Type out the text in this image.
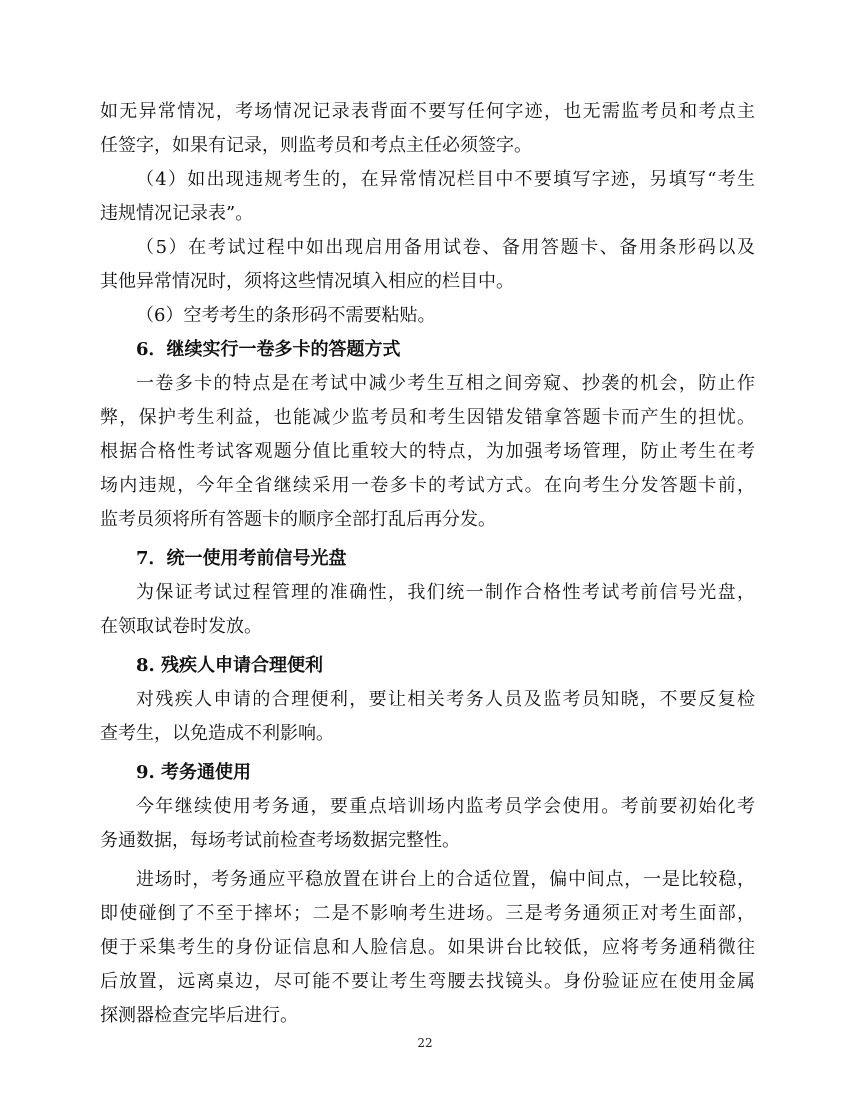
如无异常情况，考场情况记录表背面不要写任何字迹，也无需监考员和考点主
任签字，如果有记录，则监考员和考点主任必须签字。
（4）如出现违规考生的，在异常情况栏目中不要填写字迹，另填写“考生
违规情况记录表”。
（5）在考试过程中如出现启用备用试卷、备用答题卡、备用条形码以及
其他异常情况时，须将这些情况填入相应的栏目中。
（6）空考考生的条形码不需要粘贴。
6．继续实行一卷多卡的答题方式
一卷多卡的特点是在考试中减少考生互相之间旁窥、抄袭的机会，防止作
弊，保护考生利益，也能减少监考员和考生因错发错拿答题卡而产生的担忧。
根据合格性考试客观题分值比重较大的特点，为加强考场管理，防止考生在考
场内违规，今年全省继续采用一卷多卡的考试方式。在向考生分发答题卡前，
监考员须将所有答题卡的顺序全部打乱后再分发。
7．统一使用考前信号光盘
为保证考试过程管理的准确性，我们统一制作合格性考试考前信号光盘，
在领取试卷时发放。
8. 残疾人申请合理便利
对残疾人申请的合理便利，要让相关考务人员及监考员知晓，不要反复检
查考生，以免造成不利影响。
9. 考务通使用
今年继续使用考务通，要重点培训场内监考员学会使用。考前要初始化考
务通数据，每场考试前检查考场数据完整性。
进场时，考务通应平稳放置在讲台上的合适位置，偏中间点，一是比较稳，
即使碰倒了不至于摔坏；二是不影响考生进场。三是考务通须正对考生面部，
便于采集考生的身份证信息和人脸信息。如果讲台比较低，应将考务通稍微往
后放置，远离桌边，尽可能不要让考生弯腰去找镜头。身份验证应在使用金属
探测器检查完毕后进行。
22
